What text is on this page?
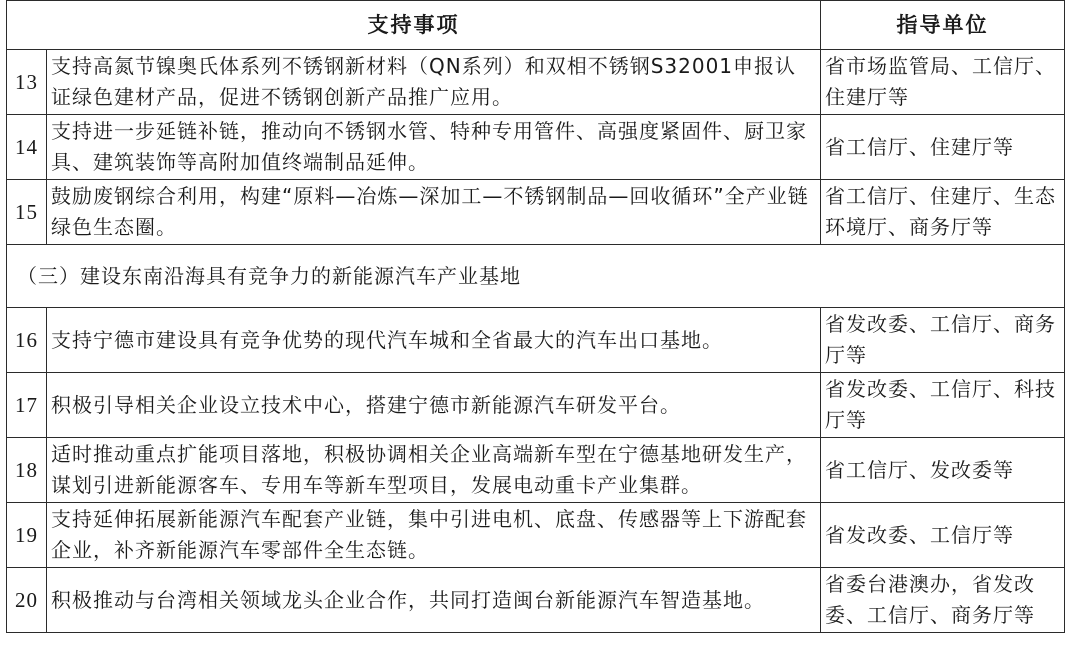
支持事项		指导单位
13	支持高氮节镍奥氏体系列不锈钢新材料（QN系列）和双相不锈钢S32001申报认证绿色建材产品，促进不锈钢创新产品推广应用。	省市场监管局、工信厅、住建厅等
14	支持进一步延链补链，推动向不锈钢水管、特种专用管件、高强度紧固件、厨卫家具、建筑装饰等高附加值终端制品延伸。	省工信厅、住建厅等
15	鼓励废钢综合利用，构建“原料—冶炼—深加工—不锈钢制品—回收循环”全产业链绿色生态圈。	省工信厅、住建厅、生态环境厅、商务厅等
（三）建设东南沿海具有竞争力的新能源汽车产业基地		
16	支持宁德市建设具有竞争优势的现代汽车城和全省最大的汽车出口基地。	省发改委、工信厅、商务厅等
17	积极引导相关企业设立技术中心，搭建宁德市新能源汽车研发平台。	省发改委、工信厅、科技厅等
18	适时推动重点扩能项目落地，积极协调相关企业高端新车型在宁德基地研发生产，谋划引进新能源客车、专用车等新车型项目，发展电动重卡产业集群。	省工信厅、发改委等
19	支持延伸拓展新能源汽车配套产业链，集中引进电机、底盘、传感器等上下游配套企业，补齐新能源汽车零部件全生态链。	省发改委、工信厅等
20	积极推动与台湾相关领域龙头企业合作，共同打造闽台新能源汽车智造基地。	省委台港澳办，省发改委、工信厅、商务厅等
